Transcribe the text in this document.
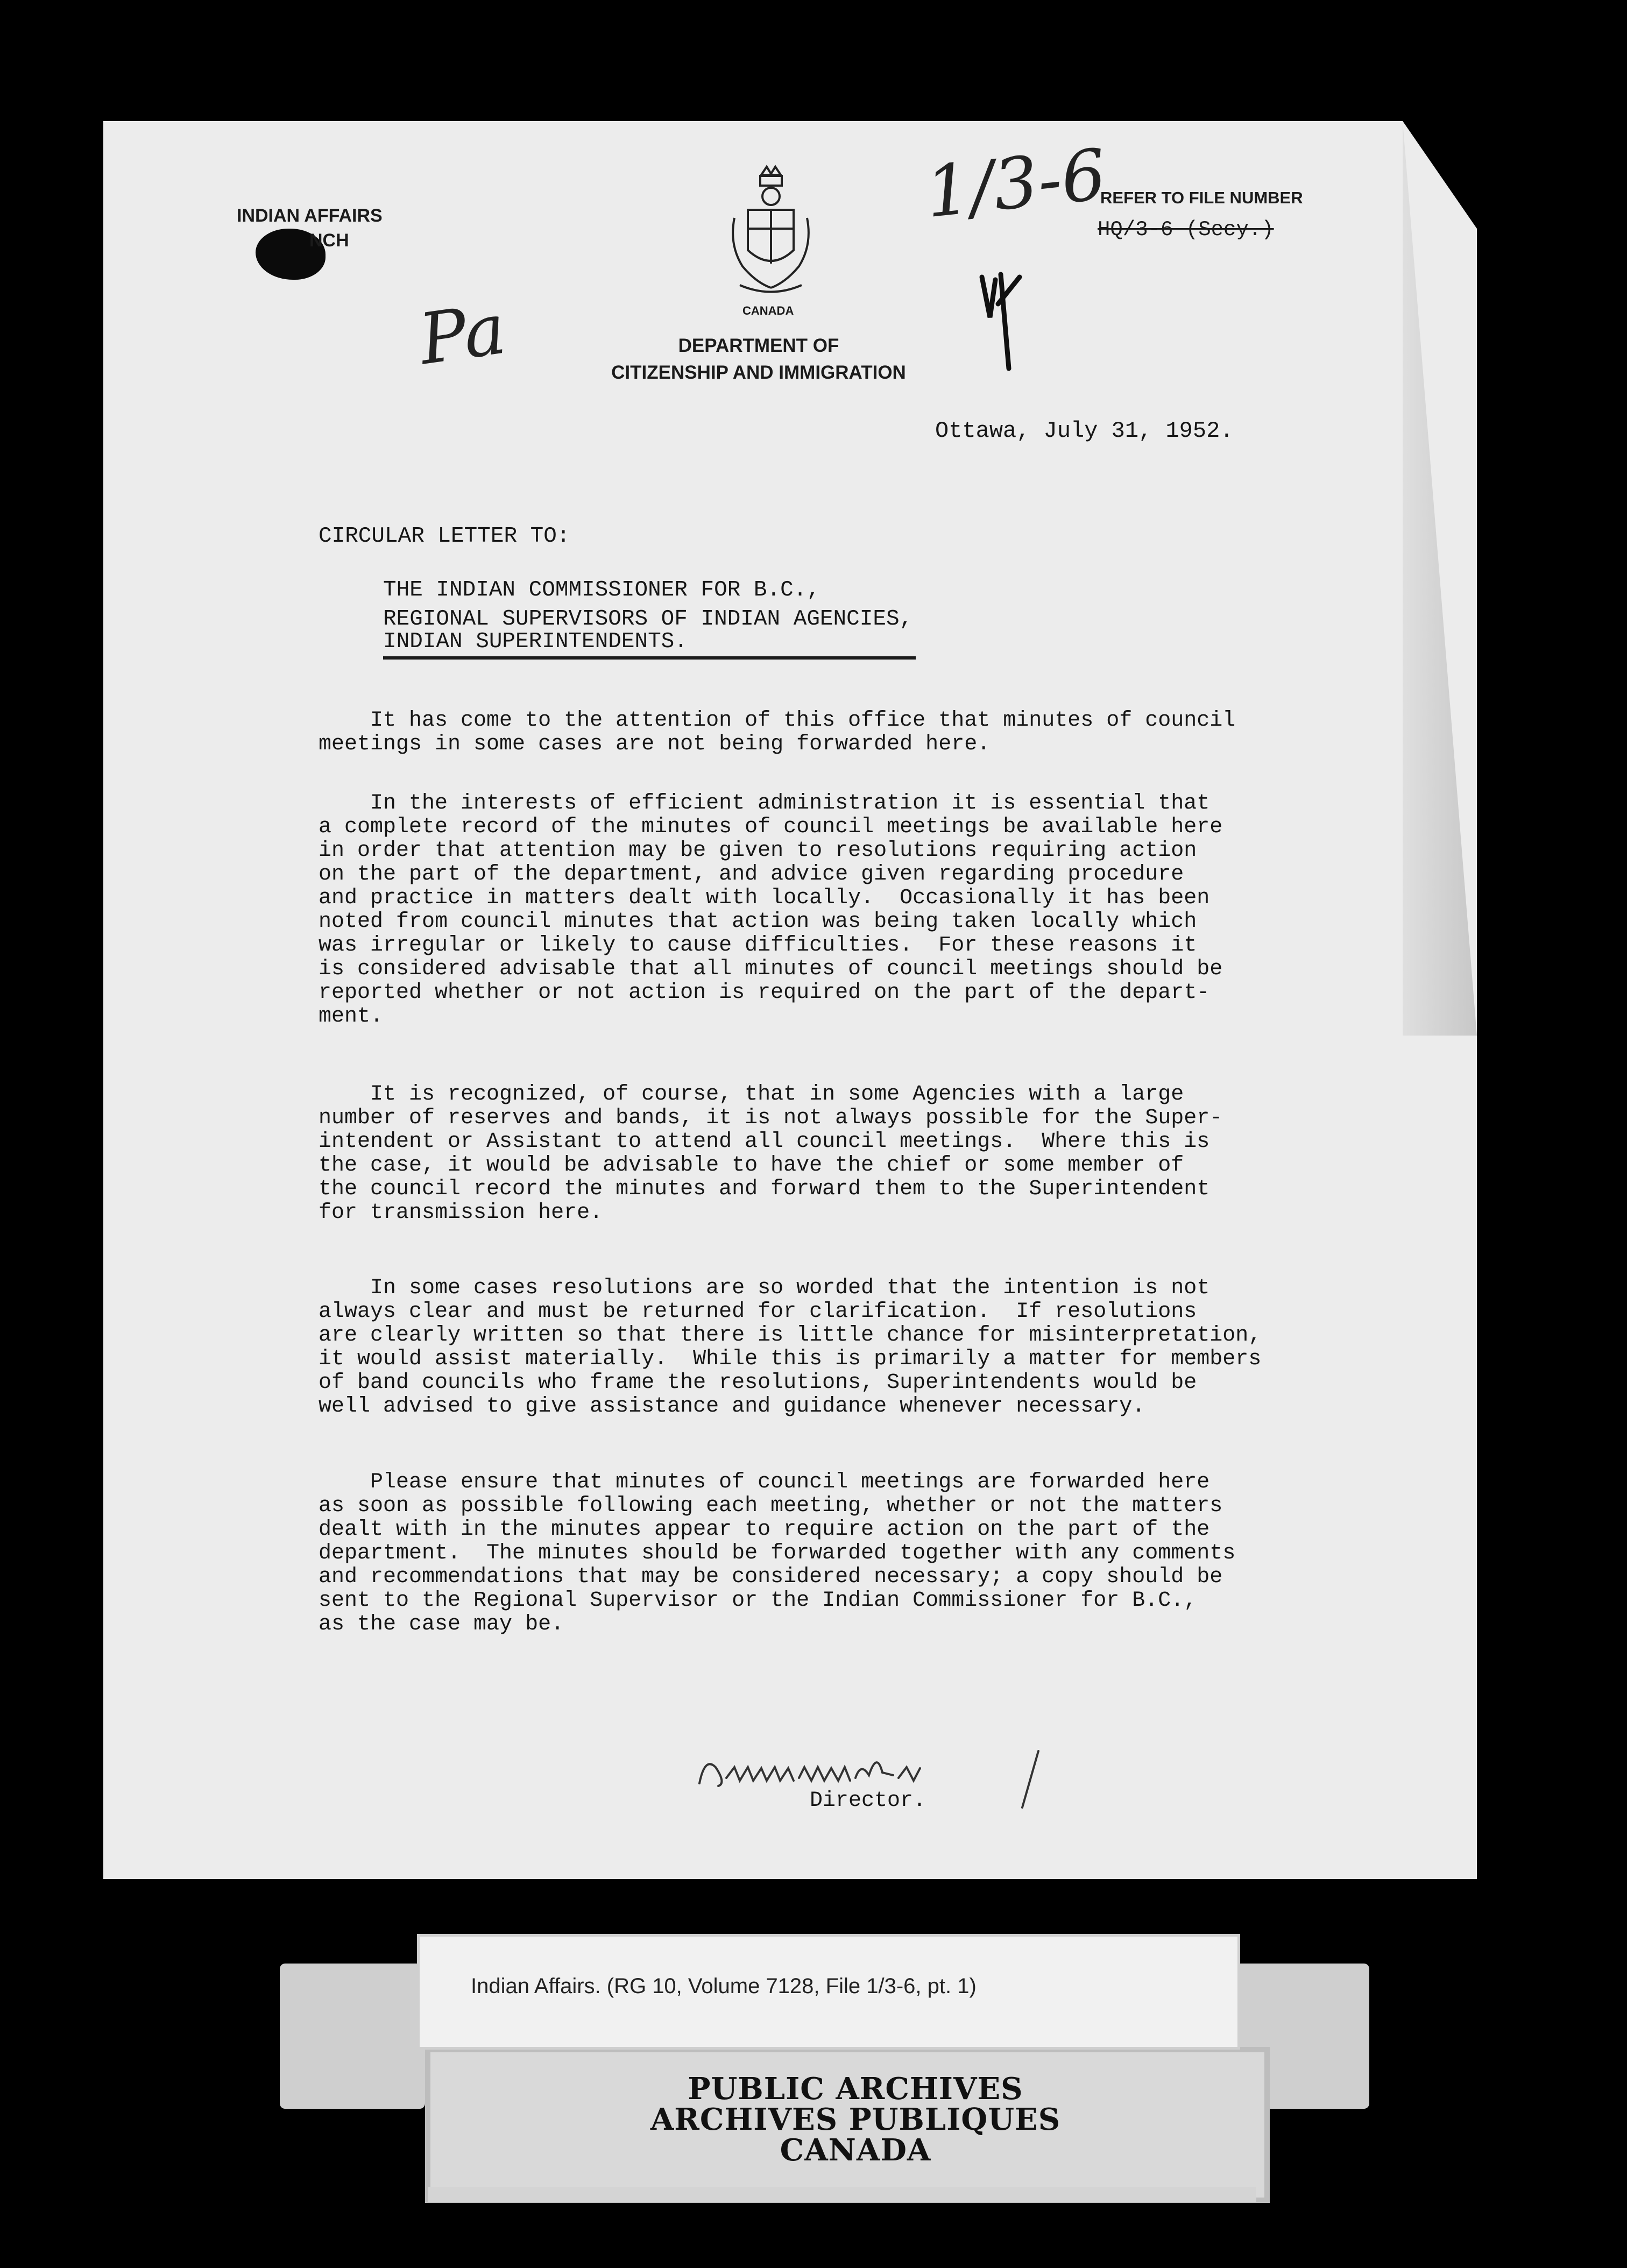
INDIAN AFFAIRS
NCH
CANADA
DEPARTMENT OF
CITIZENSHIP AND IMMIGRATION
REFER TO FILE NUMBER
HQ/3-6 (Secy.)
Pa
1/3-6
Ottawa, July 31, 1952.
CIRCULAR LETTER TO:
THE INDIAN COMMISSIONER FOR B.C.,
REGIONAL SUPERVISORS OF INDIAN AGENCIES,
INDIAN SUPERINTENDENTS.
It has come to the attention of this office that minutes of council
meetings in some cases are not being forwarded here.
In the interests of efficient administration it is essential that
a complete record of the minutes of council meetings be available here
in order that attention may be given to resolutions requiring action
on the part of the department, and advice given regarding procedure
and practice in matters dealt with locally.  Occasionally it has been
noted from council minutes that action was being taken locally which
was irregular or likely to cause difficulties.  For these reasons it
is considered advisable that all minutes of council meetings should be
reported whether or not action is required on the part of the depart-
ment.
It is recognized, of course, that in some Agencies with a large
number of reserves and bands, it is not always possible for the Super-
intendent or Assistant to attend all council meetings.  Where this is
the case, it would be advisable to have the chief or some member of
the council record the minutes and forward them to the Superintendent
for transmission here.
In some cases resolutions are so worded that the intention is not
always clear and must be returned for clarification.  If resolutions
are clearly written so that there is little chance for misinterpretation,
it would assist materially.  While this is primarily a matter for members
of band councils who frame the resolutions, Superintendents would be
well advised to give assistance and guidance whenever necessary.
Please ensure that minutes of council meetings are forwarded here
as soon as possible following each meeting, whether or not the matters
dealt with in the minutes appear to require action on the part of the
department.  The minutes should be forwarded together with any comments
and recommendations that may be considered necessary; a copy should be
sent to the Regional Supervisor or the Indian Commissioner for B.C.,
as the case may be.
Director.
Indian Affairs. (RG 10, Volume 7128, File 1/3-6, pt. 1)
PUBLIC ARCHIVES
ARCHIVES PUBLIQUES
CANADA
